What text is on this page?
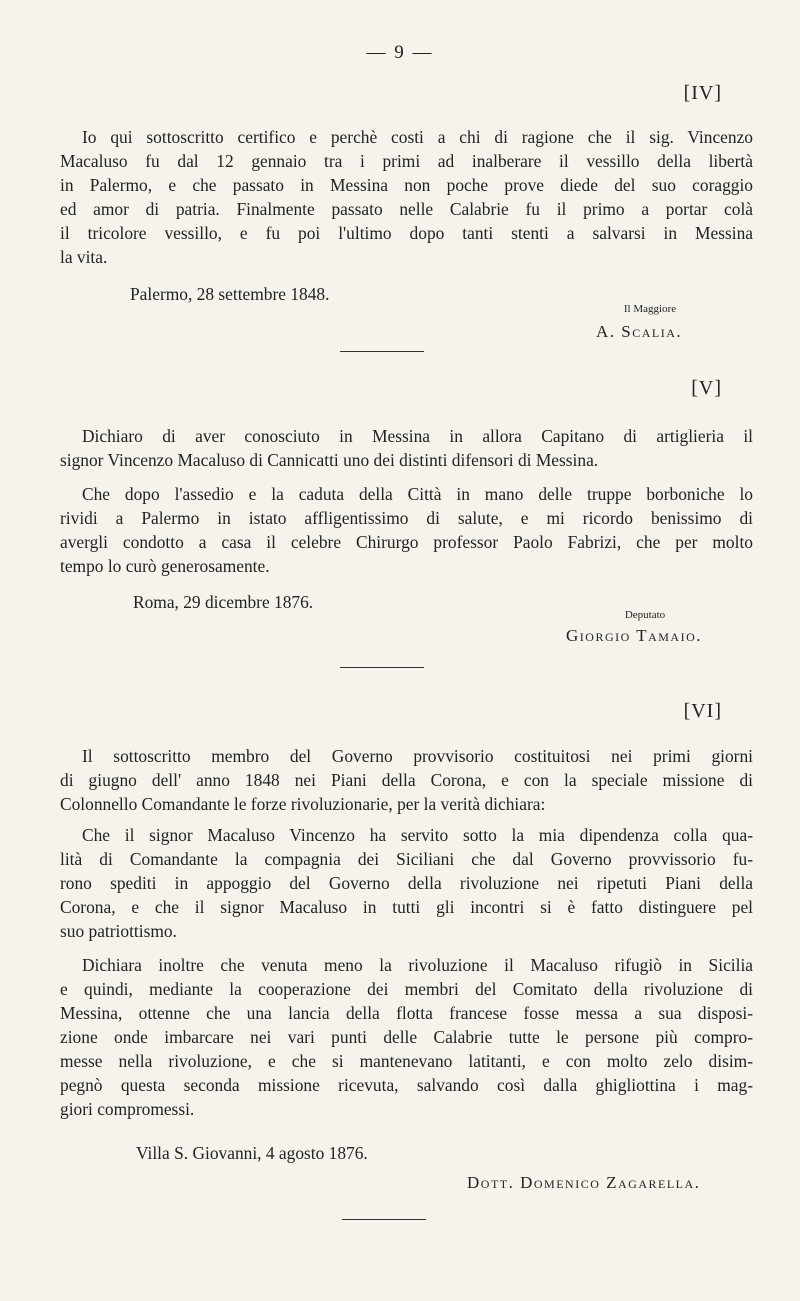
— 9 —
[IV]
Io qui sottoscritto certifico e perchè costi a chi di ragione che il sig. Vincenzo
Macaluso fu dal 12 gennaio tra i primi ad inalberare il vessillo della libertà
in Palermo, e che passato in Messina non poche prove diede del suo coraggio
ed amor di patria. Finalmente passato nelle Calabrie fu il primo a portar colà
il tricolore vessillo, e fu poi l'ultimo dopo tanti stenti a salvarsi in Messina
la vita.
Palermo, 28 settembre 1848.
Il Maggiore
A. Scalia.
[V]
Dichiaro di aver conosciuto in Messina in allora Capitano di artiglieria il
signor Vincenzo Macaluso di Cannicatti uno dei distinti difensori di Messina.
Che dopo l'assedio e la caduta della Città in mano delle truppe borboniche lo
rividi a Palermo in istato affligentissimo di salute, e mi ricordo benissimo di
avergli condotto a casa il celebre Chirurgo professor Paolo Fabrizi, che per molto
tempo lo curò generosamente.
Roma, 29 dicembre 1876.
Deputato
Giorgio Tamaio.
[VI]
Il sottoscritto membro del Governo provvisorio costituitosi nei primi giorni
di giugno dell' anno 1848 nei Piani della Corona, e con la speciale missione di
Colonnello Comandante le forze rivoluzionarie, per la verità dichiara:
Che il signor Macaluso Vincenzo ha servito sotto la mia dipendenza colla qua-
lità di Comandante la compagnia dei Siciliani che dal Governo provvissorio fu-
rono spediti in appoggio del Governo della rivoluzione nei ripetuti Piani della
Corona, e che il signor Macaluso in tutti gli incontri si è fatto distinguere pel
suo patriottismo.
Dichiara inoltre che venuta meno la rivoluzione il Macaluso rifugiò in Sicilia
e quindi, mediante la cooperazione dei membri del Comitato della rivoluzione di
Messina, ottenne che una lancia della flotta francese fosse messa a sua disposi-
zione onde imbarcare nei vari punti delle Calabrie tutte le persone più compro-
messe nella rivoluzione, e che si mantenevano latitanti, e con molto zelo disim-
pegnò questa seconda missione ricevuta, salvando così dalla ghigliottina i mag-
giori compromessi.
Villa S. Giovanni, 4 agosto 1876.
Dott. Domenico Zagarella.
